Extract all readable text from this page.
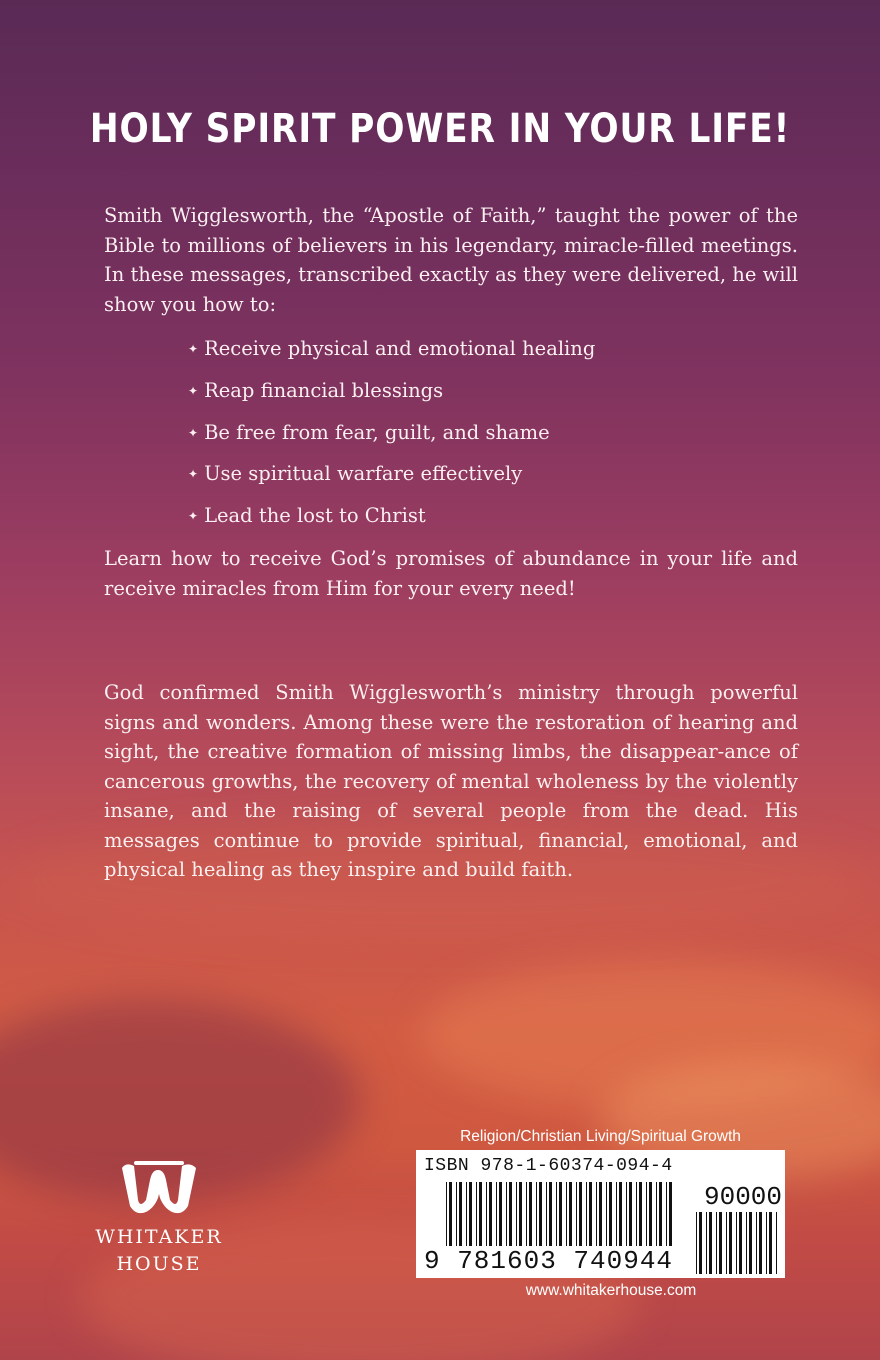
HOLY SPIRIT POWER IN YOUR LIFE!

Smith Wigglesworth, the “Apostle of Faith,” taught the power of the Bible to millions of believers in his legendary, miracle-filled meetings. In these messages, transcribed exactly as they were delivered, he will show you how to:

✦ Receive physical and emotional healing
✦ Reap financial blessings
✦ Be free from fear, guilt, and shame
✦ Use spiritual warfare effectively
✦ Lead the lost to Christ

Learn how to receive God’s promises of abundance in your life and receive miracles from Him for your every need!

God confirmed Smith Wigglesworth’s ministry through powerful signs and wonders. Among these were the restoration of hearing and sight, the creative formation of missing limbs, the disappear-ance of cancerous growths, the recovery of mental wholeness by the violently insane, and the raising of several people from the dead. His messages continue to provide spiritual, financial, emotional, and physical healing as they inspire and build faith.

WHITAKER
HOUSE
Religion/Christian Living/Spiritual Growth
ISBN 978-1-60374-094-4
90000
9 781603 740944
www.whitakerhouse.com
